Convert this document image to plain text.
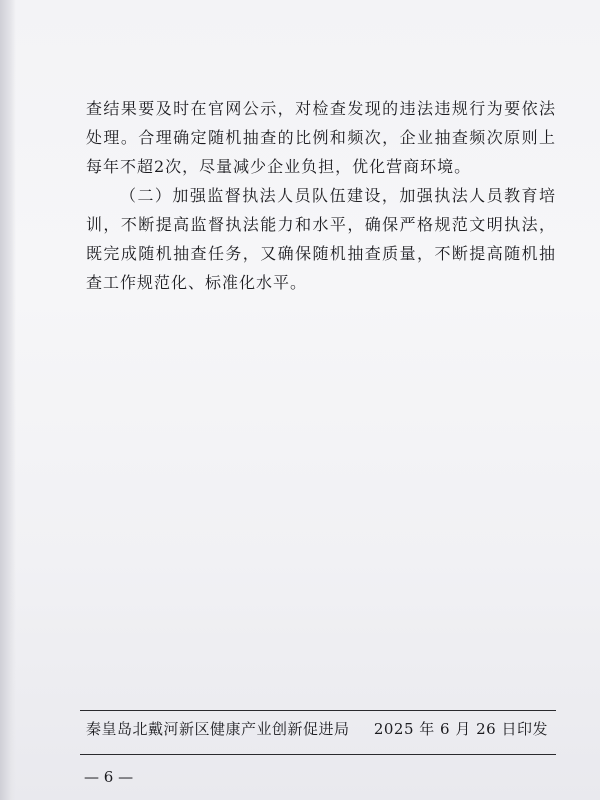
查结果要及时在官网公示，对检查发现的违法违规行为要依法处理。合理确定随机抽查的比例和频次，企业抽查频次原则上每年不超2次，尽量减少企业负担，优化营商环境。

（二）加强监督执法人员队伍建设，加强执法人员教育培训，不断提高监督执法能力和水平，确保严格规范文明执法，既完成随机抽查任务，又确保随机抽查质量，不断提高随机抽查工作规范化、标准化水平。

秦皇岛北戴河新区健康产业创新促进局 2025 年 6 月 26 日印发
— 6 —
